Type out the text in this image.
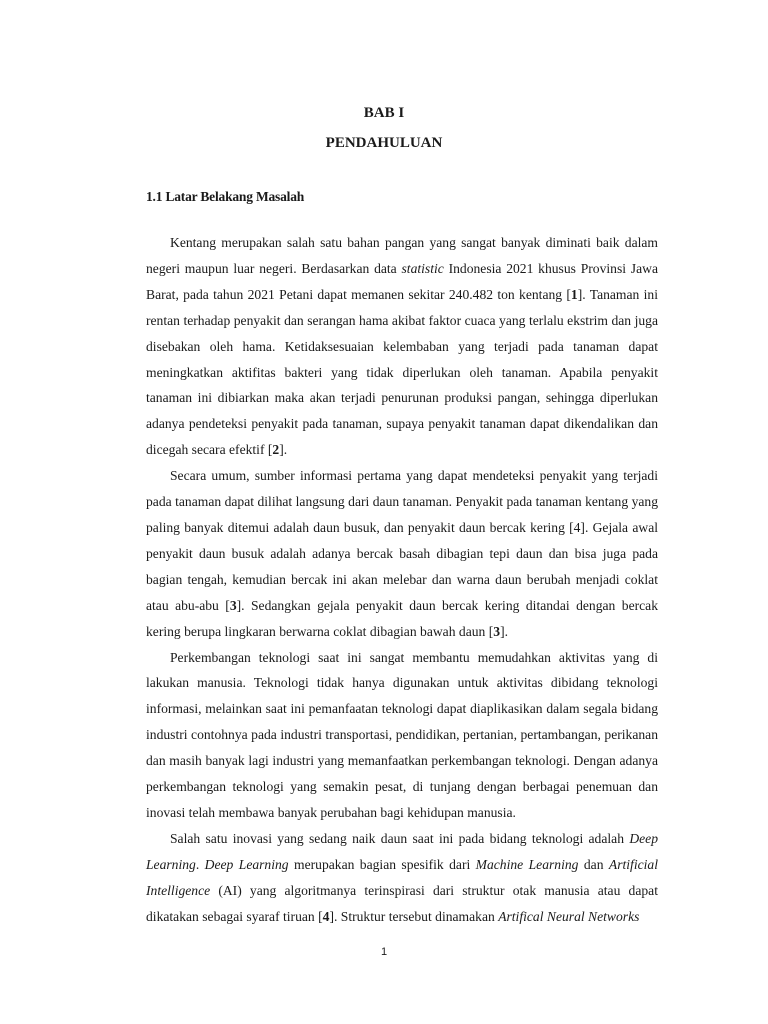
BAB I
PENDAHULUAN
1.1 Latar Belakang Masalah

Kentang merupakan salah satu bahan pangan yang sangat banyak diminati baik dalam negeri maupun luar negeri. Berdasarkan data statistic Indonesia 2021 khusus Provinsi Jawa Barat, pada tahun 2021 Petani dapat memanen sekitar 240.482 ton kentang [1]. Tanaman ini rentan terhadap penyakit dan serangan hama akibat faktor cuaca yang terlalu ekstrim dan juga disebakan oleh hama. Ketidaksesuaian kelembaban yang terjadi pada tanaman dapat meningkatkan aktifitas bakteri yang tidak diperlukan oleh tanaman. Apabila penyakit tanaman ini dibiarkan maka akan terjadi penurunan produksi pangan, sehingga diperlukan adanya pendeteksi penyakit pada tanaman, supaya penyakit tanaman dapat dikendalikan dan dicegah secara efektif [2].

Secara umum, sumber informasi pertama yang dapat mendeteksi penyakit yang terjadi pada tanaman dapat dilihat langsung dari daun tanaman. Penyakit pada tanaman kentang yang paling banyak ditemui adalah daun busuk, dan penyakit daun bercak kering [4]. Gejala awal penyakit daun busuk adalah adanya bercak basah dibagian tepi daun dan bisa juga pada bagian tengah, kemudian bercak ini akan melebar dan warna daun berubah menjadi coklat atau abu-abu [3]. Sedangkan gejala penyakit daun bercak kering ditandai dengan bercak kering berupa lingkaran berwarna coklat dibagian bawah daun [3].

Perkembangan teknologi saat ini sangat membantu memudahkan aktivitas yang di lakukan manusia. Teknologi tidak hanya digunakan untuk aktivitas dibidang teknologi informasi, melainkan saat ini pemanfaatan teknologi dapat diaplikasikan dalam segala bidang industri contohnya pada industri transportasi, pendidikan, pertanian, pertambangan, perikanan dan masih banyak lagi industri yang memanfaatkan perkembangan teknologi. Dengan adanya perkembangan teknologi yang semakin pesat, di tunjang dengan berbagai penemuan dan inovasi telah membawa banyak perubahan bagi kehidupan manusia.

Salah satu inovasi yang sedang naik daun saat ini pada bidang teknologi adalah Deep Learning. Deep Learning merupakan bagian spesifik dari Machine Learning dan Artificial Intelligence (AI) yang algoritmanya terinspirasi dari struktur otak manusia atau dapat dikatakan sebagai syaraf tiruan [4]. Struktur tersebut dinamakan Artifical Neural Networks

1
